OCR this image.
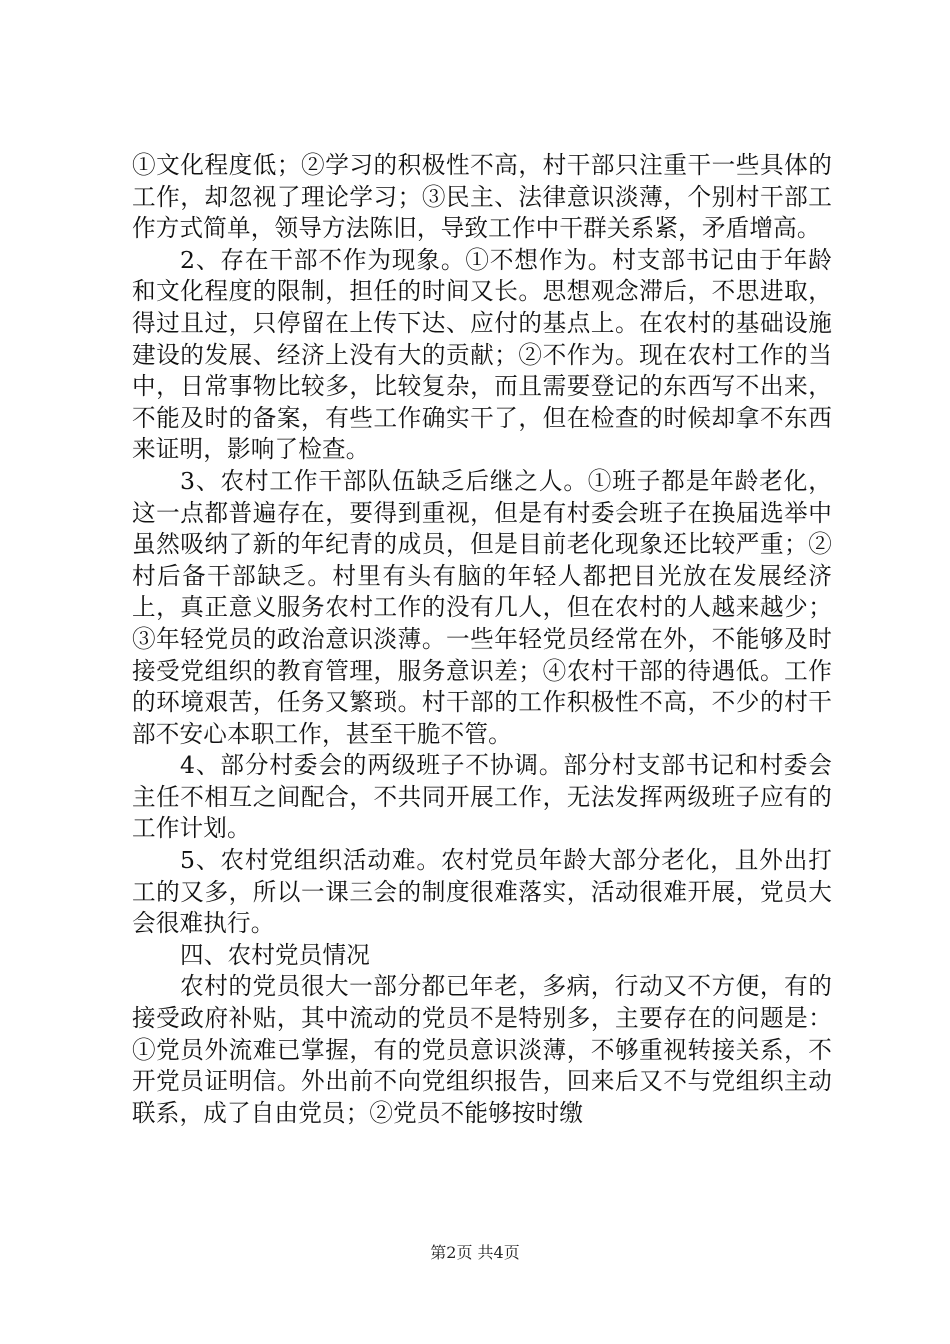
①文化程度低；②学习的积极性不高，村干部只注重干一些具体的工作，却忽视了理论学习；③民主、法律意识淡薄，个别村干部工作方式简单，领导方法陈旧，导致工作中干群关系紧，矛盾增高。

2、存在干部不作为现象。①不想作为。村支部书记由于年龄和文化程度的限制，担任的时间又长。思想观念滞后，不思进取，得过且过，只停留在上传下达、应付的基点上。在农村的基础设施建设的发展、经济上没有大的贡献；②不作为。现在农村工作的当中，日常事物比较多，比较复杂，而且需要登记的东西写不出来，不能及时的备案，有些工作确实干了，但在检查的时候却拿不东西来证明，影响了检查。

3、农村工作干部队伍缺乏后继之人。①班子都是年龄老化，这一点都普遍存在，要得到重视，但是有村委会班子在换届选举中虽然吸纳了新的年纪青的成员，但是目前老化现象还比较严重；②村后备干部缺乏。村里有头有脑的年轻人都把目光放在发展经济上，真正意义服务农村工作的没有几人，但在农村的人越来越少；③年轻党员的政治意识淡薄。一些年轻党员经常在外，不能够及时接受党组织的教育管理，服务意识差；④农村干部的待遇低。工作的环境艰苦，任务又繁琐。村干部的工作积极性不高，不少的村干部不安心本职工作，甚至干脆不管。

4、部分村委会的两级班子不协调。部分村支部书记和村委会主任不相互之间配合，不共同开展工作，无法发挥两级班子应有的工作计划。

5、农村党组织活动难。农村党员年龄大部分老化，且外出打工的又多，所以一课三会的制度很难落实，活动很难开展，党员大会很难执行。

四、农村党员情况

农村的党员很大一部分都已年老，多病，行动又不方便，有的接受政府补贴，其中流动的党员不是特别多，主要存在的问题是：①党员外流难已掌握，有的党员意识淡薄，不够重视转接关系，不开党员证明信。外出前不向党组织报告，回来后又不与党组织主动联系，成了自由党员；②党员不能够按时缴

第2页 共4页
